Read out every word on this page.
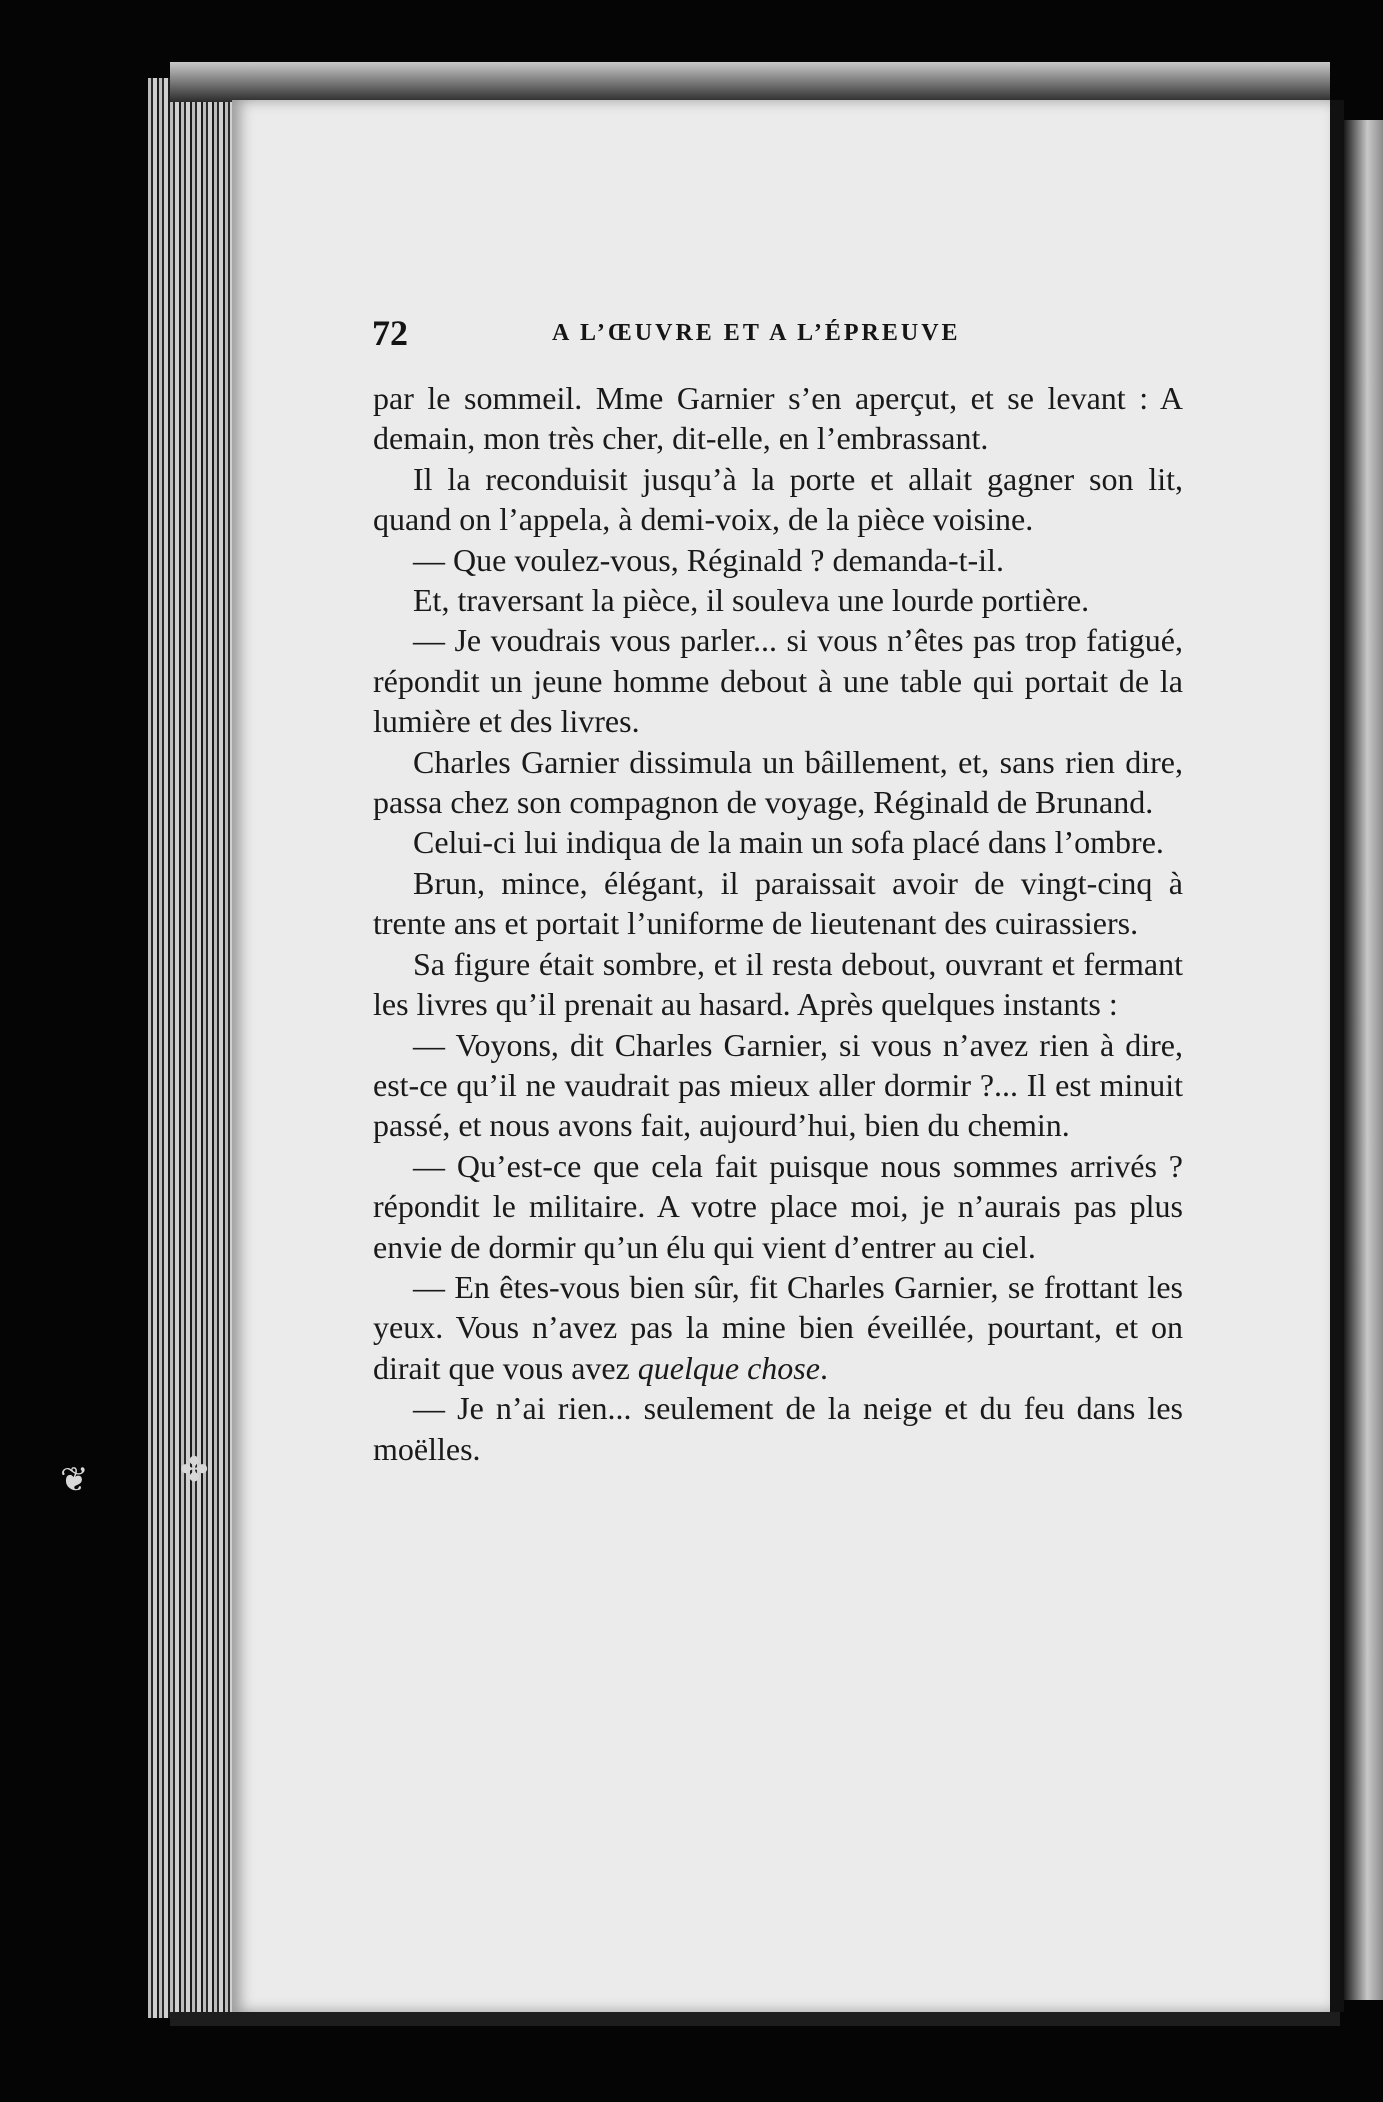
❦	✤
72	A L’ŒUVRE ET A L’ÉPREUVE

par le sommeil. Mme Garnier s’en aperçut, et se levant : A demain, mon très cher, dit-elle, en l’embrassant.

Il la reconduisit jusqu’à la porte et allait gagner son lit, quand on l’appela, à demi-voix, de la pièce voisine.

— Que voulez-vous, Réginald ? demanda-t-il.

Et, traversant la pièce, il souleva une lourde portière.

— Je voudrais vous parler... si vous n’êtes pas trop fatigué, répondit un jeune homme debout à une table qui portait de la lumière et des livres.

Charles Garnier dissimula un bâillement, et, sans rien dire, passa chez son compagnon de voyage, Réginald de Brunand.

Celui-ci lui indiqua de la main un sofa placé dans l’ombre.

Brun, mince, élégant, il paraissait avoir de vingt-cinq à trente ans et portait l’uniforme de lieutenant des cuirassiers.

Sa figure était sombre, et il resta debout, ouvrant et fermant les livres qu’il prenait au hasard. Après quelques instants :

— Voyons, dit Charles Garnier, si vous n’avez rien à dire, est-ce qu’il ne vaudrait pas mieux aller dormir ?... Il est minuit passé, et nous avons fait, aujourd’hui, bien du chemin.

— Qu’est-ce que cela fait puisque nous sommes arrivés ? répondit le militaire. A votre place moi, je n’aurais pas plus envie de dormir qu’un élu qui vient d’entrer au ciel.

— En êtes-vous bien sûr, fit Charles Garnier, se frottant les yeux. Vous n’avez pas la mine bien éveillée, pourtant, et on dirait que vous avez quelque chose.

— Je n’ai rien... seulement de la neige et du feu dans les moëlles.
